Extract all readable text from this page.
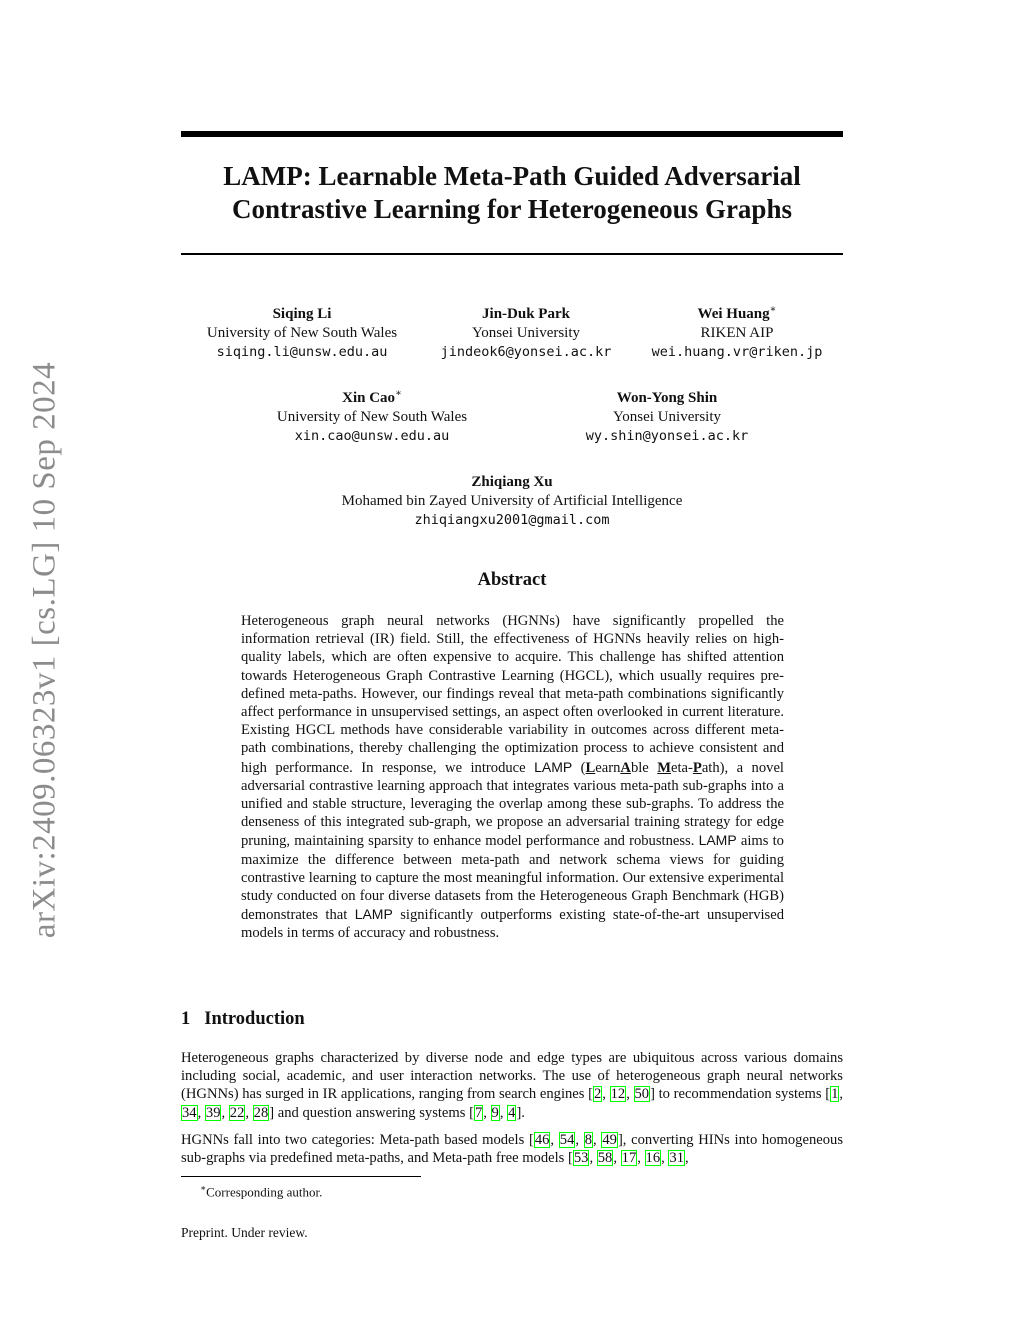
arXiv:2409.06323v1 [cs.LG] 10 Sep 2024
LAMP: Learnable Meta-Path Guided Adversarial
Contrastive Learning for Heterogeneous Graphs
Siqing Li
University of New South Wales
siqing.li@unsw.edu.au
Jin-Duk Park
Yonsei University
jindeok6@yonsei.ac.kr
Wei Huang∗
RIKEN AIP
wei.huang.vr@riken.jp
Xin Cao∗
University of New South Wales
xin.cao@unsw.edu.au
Won-Yong Shin
Yonsei University
wy.shin@yonsei.ac.kr
Zhiqiang Xu
Mohamed bin Zayed University of Artificial Intelligence
zhiqiangxu2001@gmail.com
Abstract
Heterogeneous graph neural networks (HGNNs) have significantly propelled the information retrieval (IR) field. Still, the effectiveness of HGNNs heavily relies on high-quality labels, which are often expensive to acquire. This challenge has shifted attention towards Heterogeneous Graph Contrastive Learning (HGCL), which usually requires pre-defined meta-paths. However, our findings reveal that meta-path combinations significantly affect performance in unsupervised settings, an aspect often overlooked in current literature. Existing HGCL methods have considerable variability in outcomes across different meta-path combinations, thereby challenging the optimization process to achieve consistent and high performance. In response, we introduce LAMP (LearnAble Meta-Path), a novel adversarial contrastive learning approach that integrates various meta-path sub-graphs into a unified and stable structure, leveraging the overlap among these sub-graphs. To address the denseness of this integrated sub-graph, we propose an adversarial training strategy for edge pruning, maintaining sparsity to enhance model performance and robustness. LAMP aims to maximize the difference between meta-path and network schema views for guiding contrastive learning to capture the most meaningful information. Our extensive experimental study conducted on four diverse datasets from the Heterogeneous Graph Benchmark (HGB) demonstrates that LAMP significantly outperforms existing state-of-the-art unsupervised models in terms of accuracy and robustness.
1 Introduction

Heterogeneous graphs characterized by diverse node and edge types are ubiquitous across various domains including social, academic, and user interaction networks. The use of heterogeneous graph neural networks (HGNNs) has surged in IR applications, ranging from search engines [2, 12, 50] to recommendation systems [1, 34, 39, 22, 28] and question answering systems [7, 9, 4].

HGNNs fall into two categories: Meta-path based models [46, 54, 8, 49], converting HINs into homogeneous sub-graphs via predefined meta-paths, and Meta-path free models [53, 58, 17, 16, 31,

∗Corresponding author.
Preprint. Under review.
